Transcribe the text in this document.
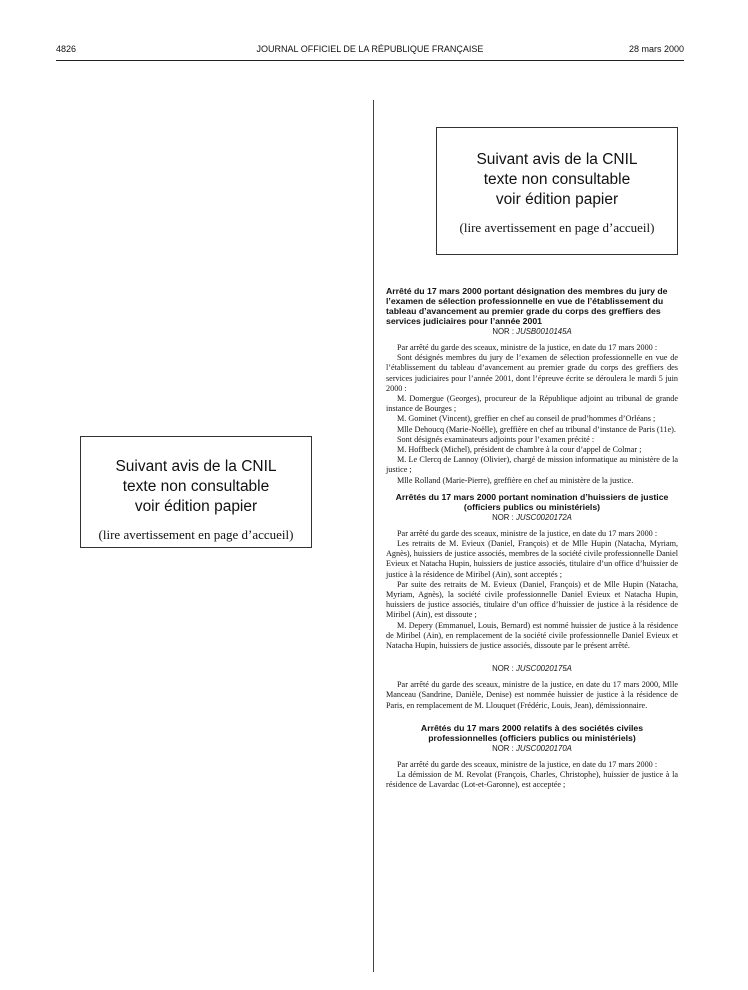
4826	JOURNAL OFFICIEL DE LA RÉPUBLIQUE FRANÇAISE	28 mars 2000
Suivant avis de la CNIL
texte non consultable
voir édition papier
(lire avertissement en page d’accueil)
Suivant avis de la CNIL
texte non consultable
voir édition papier
(lire avertissement en page d’accueil)
Arrêté du 17 mars 2000 portant désignation des membres du jury de l’examen de sélection professionnelle en vue de l’établissement du tableau d’avancement au premier grade du corps des greffiers des services judiciaires pour l’année 2001
NOR : JUSB0010145A

Par arrêté du garde des sceaux, ministre de la justice, en date du 17 mars 2000 :

Sont désignés membres du jury de l’examen de sélection professionnelle en vue de l’établissement du tableau d’avancement au premier grade du corps des greffiers des services judiciaires pour l’année 2001, dont l’épreuve écrite se déroulera le mardi 5 juin 2000 :

M. Domergue (Georges), procureur de la République adjoint au tribunal de grande instance de Bourges ;

M. Gominet (Vincent), greffier en chef au conseil de prud’hommes d’Orléans ;

Mlle Dehoucq (Marie-Noëlle), greffière en chef au tribunal d’instance de Paris (11e).

Sont désignés examinateurs adjoints pour l’examen précité :

M. Hoffbeck (Michel), président de chambre à la cour d’appel de Colmar ;

M. Le Clercq de Lannoy (Olivier), chargé de mission informatique au ministère de la justice ;

Mlle Rolland (Marie-Pierre), greffière en chef au ministère de la justice.

Arrêtés du 17 mars 2000 portant nomination d’huissiers de justice (officiers publics ou ministériels)
NOR : JUSC0020172A

Par arrêté du garde des sceaux, ministre de la justice, en date du 17 mars 2000 :

Les retraits de M. Evieux (Daniel, François) et de Mlle Hupin (Natacha, Myriam, Agnès), huissiers de justice associés, membres de la société civile professionnelle Daniel Evieux et Natacha Hupin, huissiers de justice associés, titulaire d’un office d’huissier de justice à la résidence de Miribel (Ain), sont acceptés ;

Par suite des retraits de M. Evieux (Daniel, François) et de Mlle Hupin (Natacha, Myriam, Agnès), la société civile professionnelle Daniel Evieux et Natacha Hupin, huissiers de justice associés, titulaire d’un office d’huissier de justice à la résidence de Miribel (Ain), est dissoute ;

M. Depery (Emmanuel, Louis, Bernard) est nommé huissier de justice à la résidence de Miribel (Ain), en remplacement de la société civile professionnelle Daniel Evieux et Natacha Hupin, huissiers de justice associés, dissoute par le présent arrêté.

NOR : JUSC0020175A

Par arrêté du garde des sceaux, ministre de la justice, en date du 17 mars 2000, Mlle Manceau (Sandrine, Danièle, Denise) est nommée huissier de justice à la résidence de Paris, en remplacement de M. Llouquet (Frédéric, Louis, Jean), démissionnaire.

Arrêtés du 17 mars 2000 relatifs à des sociétés civiles professionnelles (officiers publics ou ministériels)
NOR : JUSC0020170A

Par arrêté du garde des sceaux, ministre de la justice, en date du 17 mars 2000 :

La démission de M. Revolat (François, Charles, Christophe), huissier de justice à la résidence de Lavardac (Lot-et-Garonne), est acceptée ;
